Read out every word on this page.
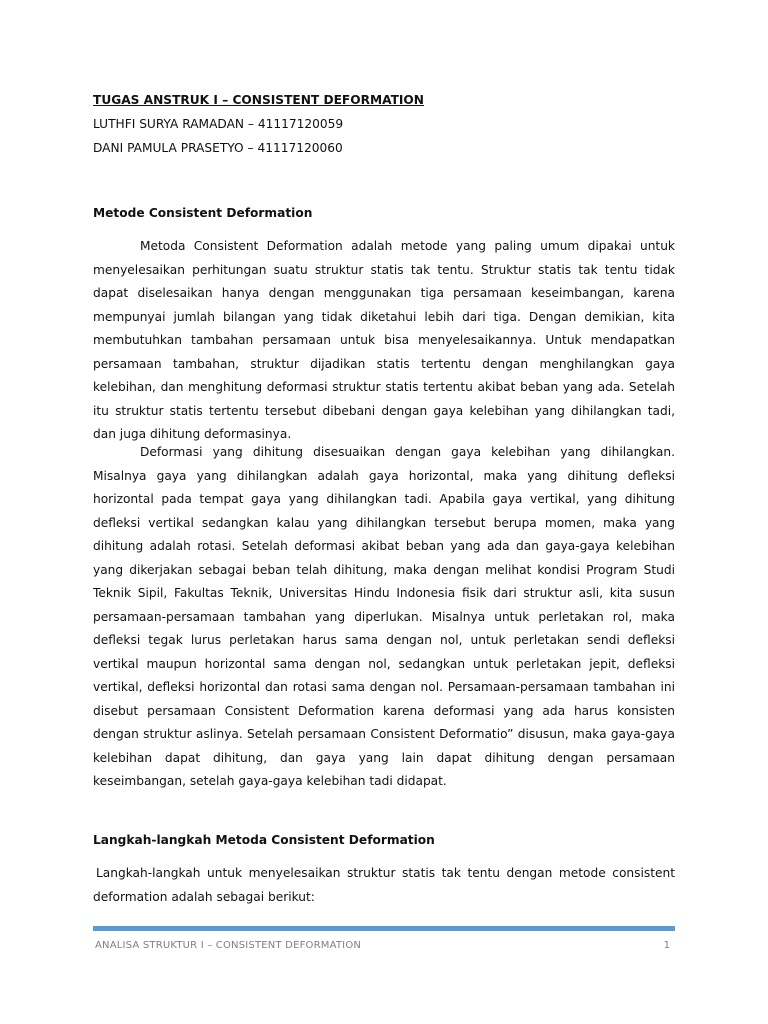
TUGAS ANSTRUK I – CONSISTENT DEFORMATION
LUTHFI SURYA RAMADAN – 41117120059
DANI PAMULA PRASETYO – 41117120060
Metode Consistent Deformation

Metoda Consistent Deformation adalah metode yang paling umum dipakai untuk menyelesaikan perhitungan suatu struktur statis tak tentu. Struktur statis tak tentu tidak dapat diselesaikan hanya dengan menggunakan tiga persamaan keseimbangan, karena mempunyai jumlah bilangan yang tidak diketahui lebih dari tiga. Dengan demikian, kita membutuhkan tambahan persamaan untuk bisa menyelesaikannya. Untuk mendapatkan persamaan tambahan, struktur dijadikan statis tertentu dengan menghilangkan gaya kelebihan, dan menghitung deformasi struktur statis tertentu akibat beban yang ada. Setelah itu struktur statis tertentu tersebut dibebani dengan gaya kelebihan yang dihilangkan tadi, dan juga dihitung deformasinya.

Deformasi yang dihitung disesuaikan dengan gaya kelebihan yang dihilangkan. Misalnya gaya yang dihilangkan adalah gaya horizontal, maka yang dihitung defleksi horizontal pada tempat gaya yang dihilangkan tadi. Apabila gaya vertikal, yang dihitung defleksi vertikal sedangkan kalau yang dihilangkan tersebut berupa momen, maka yang dihitung adalah rotasi. Setelah deformasi akibat beban yang ada dan gaya-gaya kelebihan yang dikerjakan sebagai beban telah dihitung, maka dengan melihat kondisi Program Studi Teknik Sipil, Fakultas Teknik, Universitas Hindu Indonesia fisik dari struktur asli, kita susun persamaan-persamaan tambahan yang diperlukan. Misalnya untuk perletakan rol, maka defleksi tegak lurus perletakan harus sama dengan nol, untuk perletakan sendi defleksi vertikal maupun horizontal sama dengan nol, sedangkan untuk perletakan jepit, defleksi vertikal, defleksi horizontal dan rotasi sama dengan nol. Persamaan-persamaan tambahan ini disebut persamaan Consistent Deformation karena deformasi yang ada harus konsisten dengan struktur aslinya. Setelah persamaan Consistent Deformatio” disusun, maka gaya-gaya kelebihan dapat dihitung, dan gaya yang lain dapat dihitung dengan persamaan keseimbangan, setelah gaya-gaya kelebihan tadi didapat.

Langkah-langkah Metoda Consistent Deformation

Langkah-langkah untuk menyelesaikan struktur statis tak tentu dengan metode consistent deformation adalah sebagai berikut:

ANALISA STRUKTUR I – CONSISTENT DEFORMATION	1
